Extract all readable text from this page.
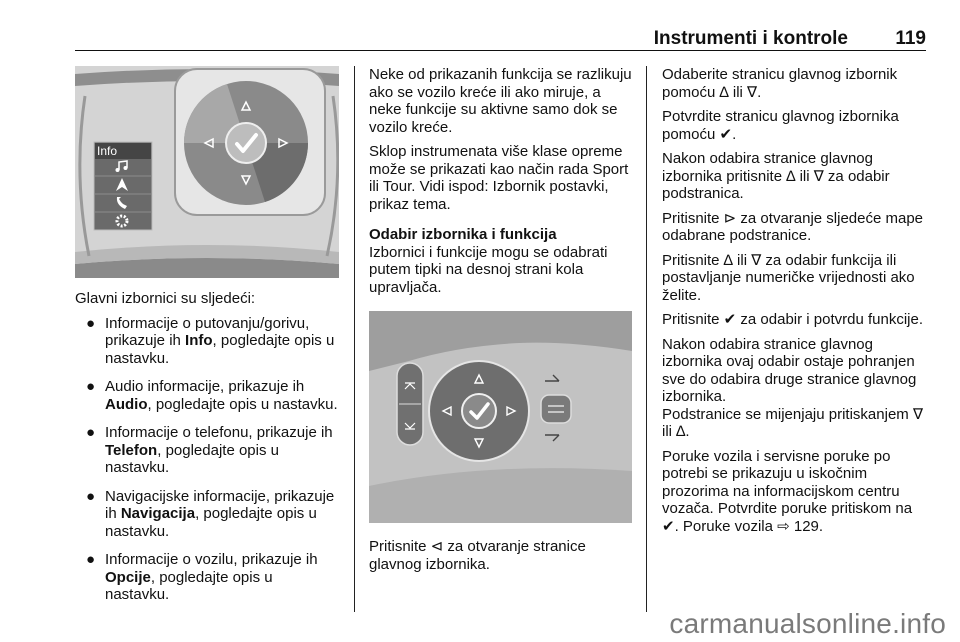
Instrumenti i kontrole 119
Info
Glavni izbornici su sljedeći:
● Informacije o putovanju/gorivu, prikazuje ih Info, pogledajte opis u nastavku.
● Audio informacije, prikazuje ih Audio, pogledajte opis u nastavku.
● Informacije o telefonu, prikazuje ih Telefon, pogledajte opis u nastavku.
● Navigacijske informacije, prikazuje ih Navigacija, pogledajte opis u nastavku.
● Informacije o vozilu, prikazuje ih Opcije, pogledajte opis u nastavku.
Neke od prikazanih funkcija se razlikuju ako se vozilo kreće ili ako miruje, a neke funkcije su aktivne samo dok se vozilo kreće.
Sklop instrumenata više klase opreme može se prikazati kao način rada Sport ili Tour. Vidi ispod: Izbornik postavki, prikaz tema.
Odabir izbornika i funkcija
Izbornici i funkcije mogu se odabrati putem tipki na desnoj strani kola upravljača.
Pritisnite ⊲ za otvaranje stranice glavnog izbornika.
Odaberite stranicu glavnog izbornik pomoću ∆ ili ∇.
Potvrdite stranicu glavnog izbornika pomoću ✔.
Nakon odabira stranice glavnog izbornika pritisnite ∆ ili ∇ za odabir podstranica.
Pritisnite ⊳ za otvaranje sljedeće mape odabrane podstranice.
Pritisnite ∆ ili ∇ za odabir funkcija ili postavljanje numeričke vrijednosti ako želite.
Pritisnite ✔ za odabir i potvrdu funkcije.
Nakon odabira stranice glavnog izbornika ovaj odabir ostaje pohranjen sve do odabira druge stranice glavnog izbornika.
Podstranice se mijenjaju pritiskanjem ∇ ili ∆.
Poruke vozila i servisne poruke po potrebi se prikazuju u iskočnim prozorima na informacijskom centru vozača. Potvrdite poruke pritiskom na ✔. Poruke vozila ⇨ 129.
carmanualsonline.info
